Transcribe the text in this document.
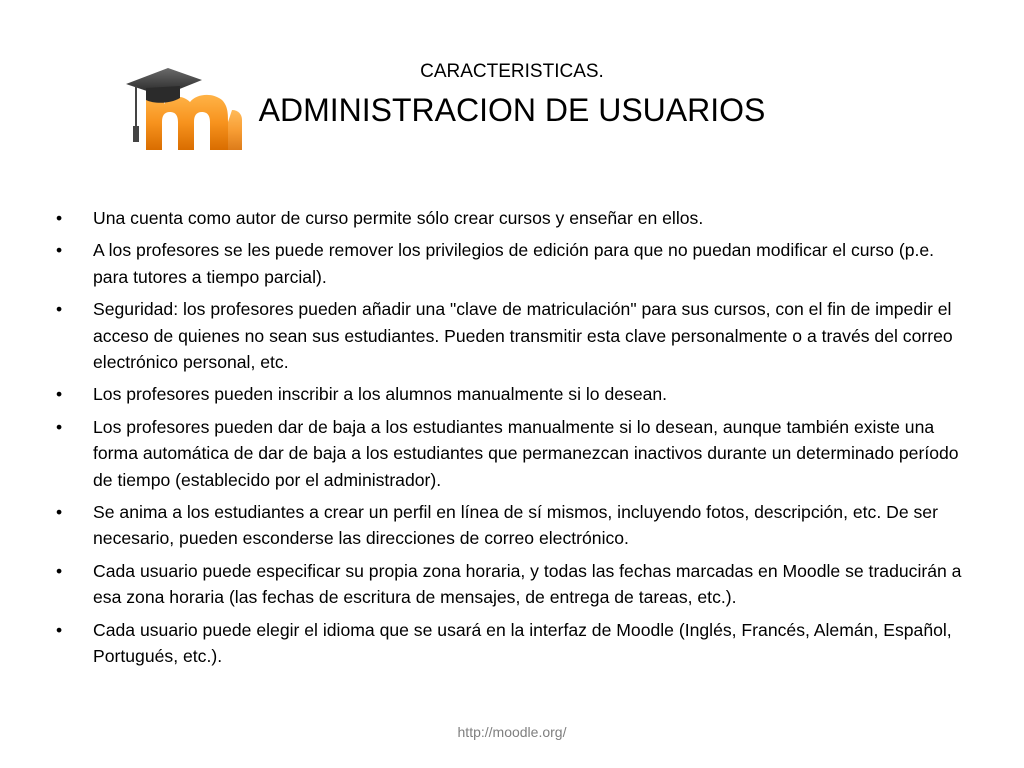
CARACTERISTICAS.
ADMINISTRACION DE USUARIOS
•	Una cuenta como autor de curso permite sólo crear cursos y enseñar en ellos.
•	A los profesores se les puede remover los privilegios de edición para que no puedan modificar el curso (p.e. para tutores a tiempo parcial).
•	Seguridad: los profesores pueden añadir una "clave de matriculación" para sus cursos, con el fin de impedir el acceso de quienes no sean sus estudiantes. Pueden transmitir esta clave personalmente o a través del correo electrónico personal, etc.
•	Los profesores pueden inscribir a los alumnos manualmente si lo desean.
•	Los profesores pueden dar de baja a los estudiantes manualmente si lo desean, aunque también existe una forma automática de dar de baja a los estudiantes que permanezcan inactivos durante un determinado período de tiempo (establecido por el administrador).
•	Se anima a los estudiantes a crear un perfil en línea de sí mismos, incluyendo fotos, descripción, etc. De ser necesario, pueden esconderse las direcciones de correo electrónico.
•	Cada usuario puede especificar su propia zona horaria, y todas las fechas marcadas en Moodle se traducirán a esa zona horaria (las fechas de escritura de mensajes, de entrega de tareas, etc.).
•	Cada usuario puede elegir el idioma que se usará en la interfaz de Moodle (Inglés, Francés, Alemán, Español, Portugués, etc.).
http://moodle.org/
